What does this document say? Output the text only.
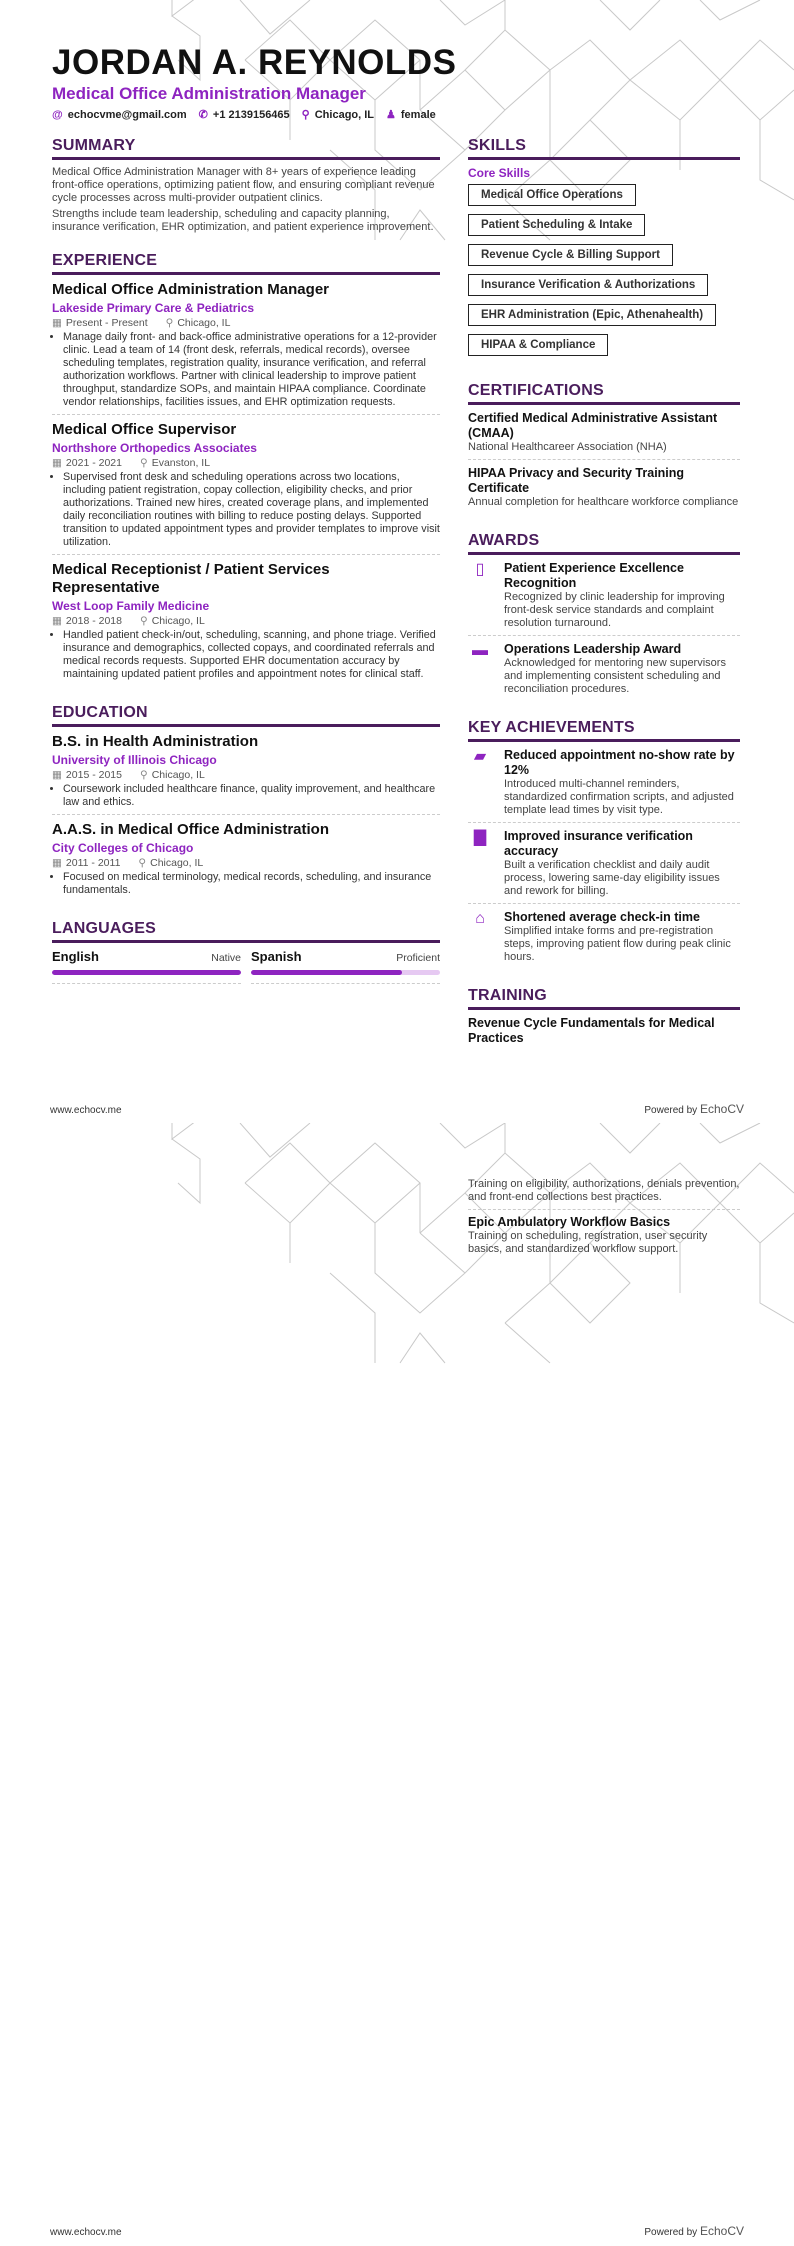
JORDAN A. REYNOLDS
Medical Office Administration Manager
@ echocvme@gmail.com ✆ +1 2139156465 ⚲ Chicago, IL ♟ female
SUMMARY

Medical Office Administration Manager with 8+ years of experience leading front-office operations, optimizing patient flow, and ensuring compliant revenue cycle processes across multi-provider outpatient clinics.

Strengths include team leadership, scheduling and capacity planning, insurance verification, EHR optimization, and patient experience improvement.

EXPERIENCE
Medical Office Administration Manager
Lakeside Primary Care & Pediatrics
▦ Present - Present ⚲ Chicago, IL
• Manage daily front- and back-office administrative operations for a 12-provider clinic. Lead a team of 14 (front desk, referrals, medical records), oversee scheduling templates, registration quality, insurance verification, and referral authorization workflows. Partner with clinical leadership to improve patient throughput, standardize SOPs, and maintain HIPAA compliance. Coordinate vendor relationships, facilities issues, and EHR optimization requests.
Medical Office Supervisor
Northshore Orthopedics Associates
▦ 2021 - 2021 ⚲ Evanston, IL
• Supervised front desk and scheduling operations across two locations, including patient registration, copay collection, eligibility checks, and prior authorizations. Trained new hires, created coverage plans, and implemented daily reconciliation routines with billing to reduce posting delays. Supported transition to updated appointment types and provider templates to improve visit utilization.
Medical Receptionist / Patient Services Representative
West Loop Family Medicine
▦ 2018 - 2018 ⚲ Chicago, IL
• Handled patient check-in/out, scheduling, scanning, and phone triage. Verified insurance and demographics, collected copays, and coordinated referrals and medical records requests. Supported EHR documentation accuracy by maintaining updated patient profiles and appointment notes for clinical staff.
EDUCATION
B.S. in Health Administration
University of Illinois Chicago
▦ 2015 - 2015 ⚲ Chicago, IL
• Coursework included healthcare finance, quality improvement, and healthcare law and ethics.
A.A.S. in Medical Office Administration
City Colleges of Chicago
▦ 2011 - 2011 ⚲ Chicago, IL
• Focused on medical terminology, medical records, scheduling, and insurance fundamentals.
LANGUAGES
English	Native Spanish	Proficient
SKILLS
Core Skills
Medical Office Operations
Patient Scheduling & Intake
Revenue Cycle & Billing Support
Insurance Verification & Authorizations
EHR Administration (Epic, Athenahealth)
HIPAA & Compliance
CERTIFICATIONS
Certified Medical Administrative Assistant (CMAA)
National Healthcareer Association (NHA)
HIPAA Privacy and Security Training Certificate
Annual completion for healthcare workforce compliance
AWARDS
▯	Patient Experience Excellence Recognition
Recognized by clinic leadership for improving front-desk service standards and complaint resolution turnaround.
▬	Operations Leadership Award
Acknowledged for mentoring new supervisors and implementing consistent scheduling and reconciliation procedures.
KEY ACHIEVEMENTS
▰	Reduced appointment no-show rate by 12%
Introduced multi-channel reminders, standardized confirmation scripts, and adjusted template lead times by visit type.
▇	Improved insurance verification accuracy
Built a verification checklist and daily audit process, lowering same-day eligibility issues and rework for billing.
⌂	Shortened average check-in time
Simplified intake forms and pre-registration steps, improving patient flow during peak clinic hours.
TRAINING
Revenue Cycle Fundamentals for Medical Practices
www.echocv.me	Powered by EchoCV
Training on eligibility, authorizations, denials prevention, and front-end collections best practices.
Epic Ambulatory Workflow Basics
Training on scheduling, registration, user security basics, and standardized workflow support.
www.echocv.me	Powered by EchoCV
